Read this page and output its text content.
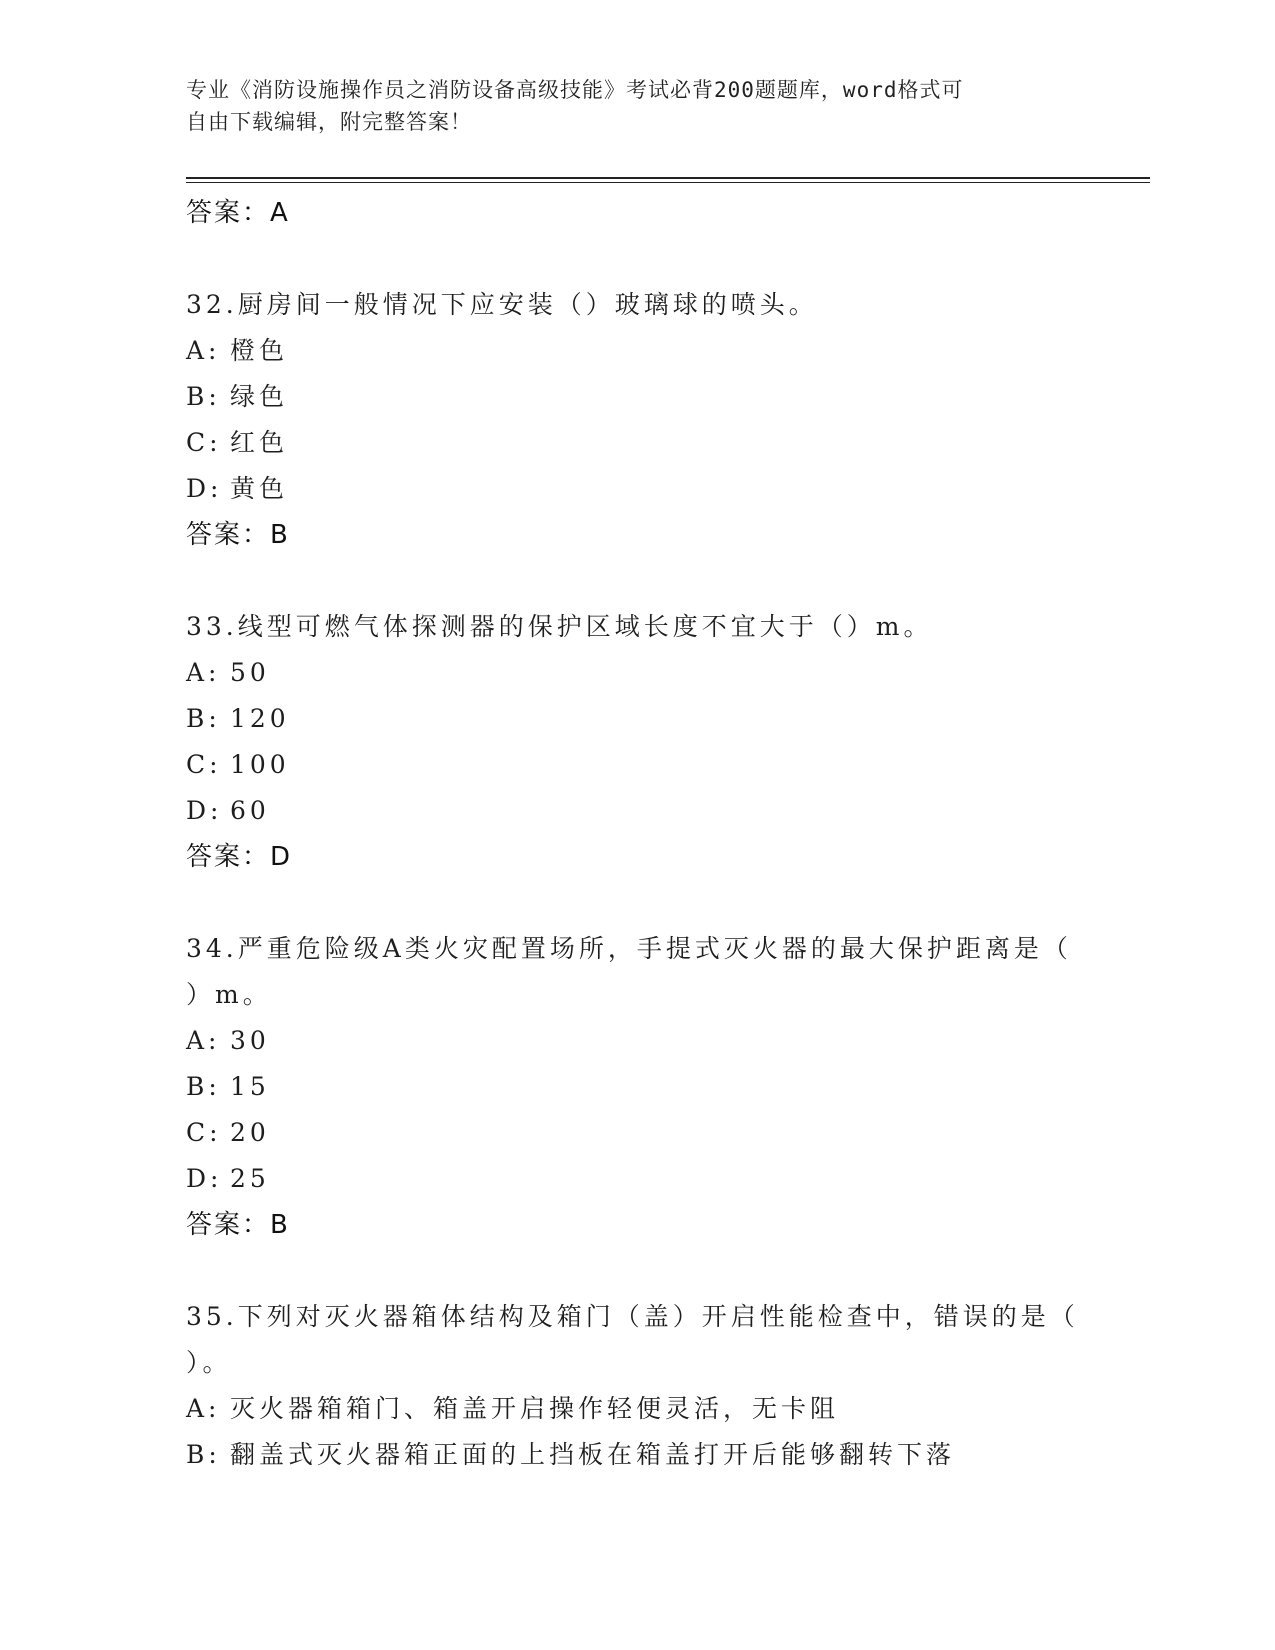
专业《消防设施操作员之消防设备高级技能》考试必背200题题库，word格式可
自由下载编辑，附完整答案！
答案：A
32.厨房间一般情况下应安装（）玻璃球的喷头。
A: 橙色
B: 绿色
C: 红色
D: 黄色
答案：B
33.线型可燃气体探测器的保护区域长度不宜大于（）m。
A: 50
B: 120
C: 100
D: 60
答案：D
34.严重危险级A类火灾配置场所，手提式灭火器的最大保护距离是（
）m。
A: 30
B: 15
C: 20
D: 25
答案：B
35.下列对灭火器箱体结构及箱门（盖）开启性能检查中，错误的是（
）。
A: 灭火器箱箱门、箱盖开启操作轻便灵活，无卡阻
B: 翻盖式灭火器箱正面的上挡板在箱盖打开后能够翻转下落
